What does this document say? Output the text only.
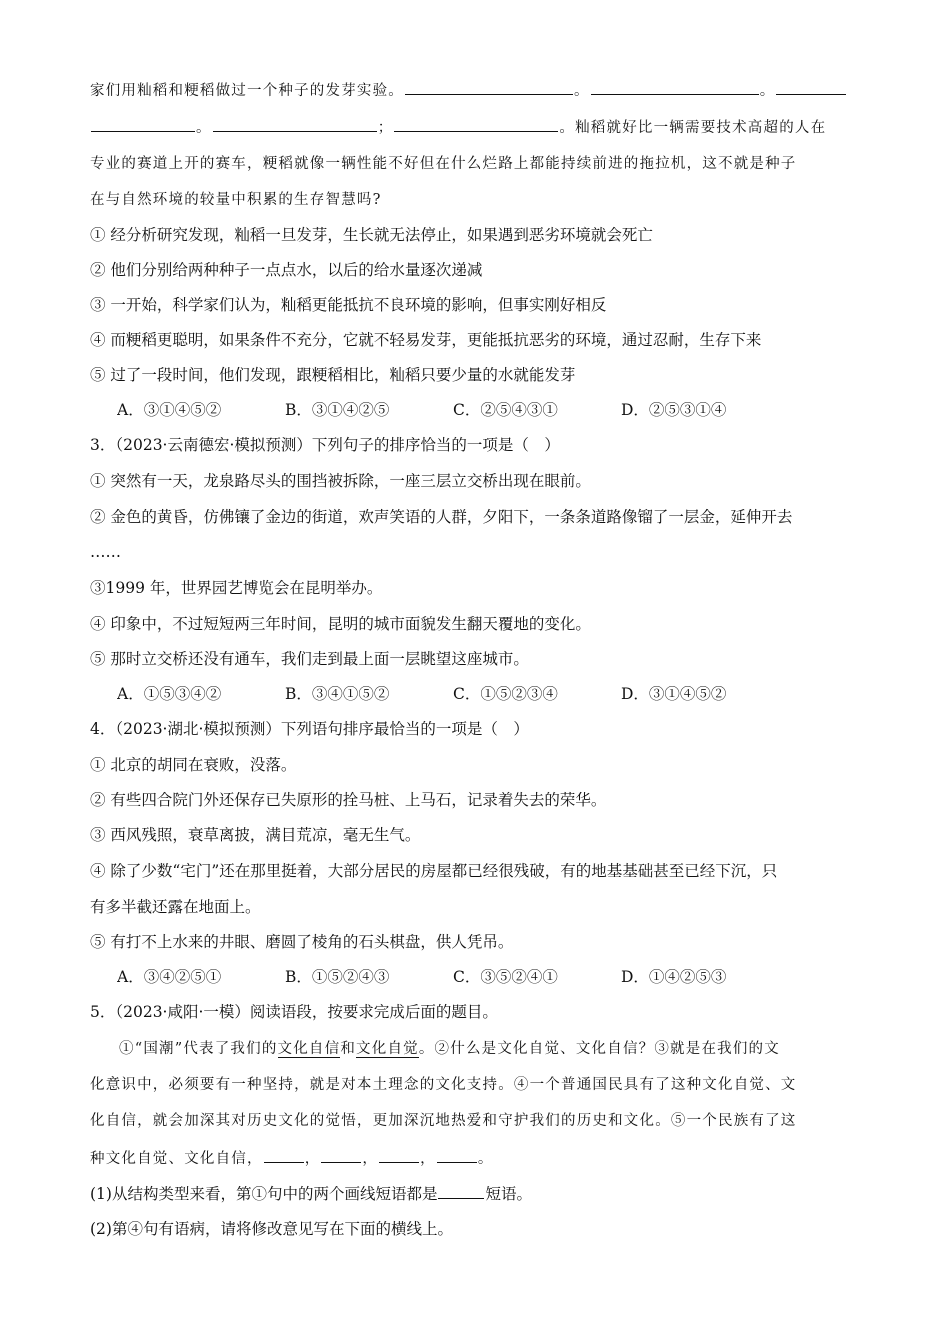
家们用籼稻和粳稻做过一个种子的发芽实验。	。	。
。	；	。籼稻就好比一辆需要技术高超的人在
专业的赛道上开的赛车，粳稻就像一辆性能不好但在什么烂路上都能持续前进的拖拉机，这不就是种子
在与自然环境的较量中积累的生存智慧吗?
① 经分析研究发现，籼稻一旦发芽，生长就无法停止，如果遇到恶劣环境就会死亡
② 他们分别给两种种子一点点水，以后的给水量逐次递减
③ 一开始，科学家们认为，籼稻更能抵抗不良环境的影响，但事实刚好相反
④ 而粳稻更聪明，如果条件不充分，它就不轻易发芽，更能抵抗恶劣的环境，通过忍耐，生存下来
⑤ 过了一段时间，他们发现，跟粳稻相比，籼稻只要少量的水就能发芽
A．③①④⑤②	B．③①④②⑤	C．②⑤④③①	D．②⑤③①④
3．（2023·云南德宏·模拟预测）下列句子的排序恰当的一项是（　）
① 突然有一天，龙泉路尽头的围挡被拆除，一座三层立交桥出现在眼前。
② 金色的黄昏，仿佛镶了金边的街道，欢声笑语的人群，夕阳下，一条条道路像镏了一层金，延伸开去
……
③1999 年，世界园艺博览会在昆明举办。
④ 印象中，不过短短两三年时间，昆明的城市面貌发生翻天覆地的变化。
⑤ 那时立交桥还没有通车，我们走到最上面一层眺望这座城市。
A．①⑤③④②	B．③④①⑤②	C．①⑤②③④	D．③①④⑤②
4．（2023·湖北·模拟预测）下列语句排序最恰当的一项是（　）
① 北京的胡同在衰败，没落。
② 有些四合院门外还保存已失原形的拴马桩、上马石，记录着失去的荣华。
③ 西风残照，衰草离披，满目荒凉，毫无生气。
④ 除了少数“宅门”还在那里挺着，大部分居民的房屋都已经很残破，有的地基基础甚至已经下沉，只
有多半截还露在地面上。
⑤ 有打不上水来的井眼、磨圆了棱角的石头棋盘，供人凭吊。
A．③④②⑤①	B．①⑤②④③	C．③⑤②④①	D．①④②⑤③
5．（2023·咸阳·一模）阅读语段，按要求完成后面的题目。
①“国潮”代表了我们的文化自信和文化自觉。②什么是文化自觉、文化自信？③就是在我们的文
化意识中，必须要有一种坚持，就是对本土理念的文化支持。④一个普通国民具有了这种文化自觉、文
化自信，就会加深其对历史文化的觉悟，更加深沉地热爱和守护我们的历史和文化。⑤一个民族有了这
种文化自觉、文化自信，	，	，	，	。
(1)从结构类型来看，第①句中的两个画线短语都是	短语。
(2)第④句有语病，请将修改意见写在下面的横线上。
